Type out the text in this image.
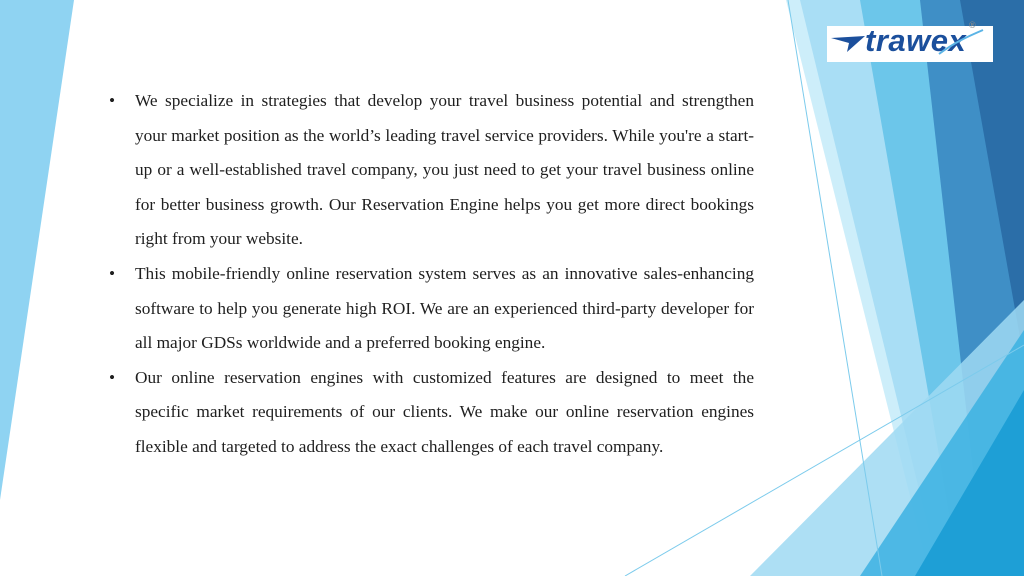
trawex ®
• We specialize in strategies that develop your travel business potential and strengthen your market position as the world’s leading travel service providers. While you're a start-up or a well-established travel company, you just need to get your travel business online for better business growth. Our Reservation Engine helps you get more direct bookings right from your website.
• This mobile-friendly online reservation system serves as an innovative sales-enhancing software to help you generate high ROI. We are an experienced third-party developer for all major GDSs worldwide and a preferred booking engine.
• Our online reservation engines with customized features are designed to meet the specific market requirements of our clients. We make our online reservation engines flexible and targeted to address the exact challenges of each travel company.
